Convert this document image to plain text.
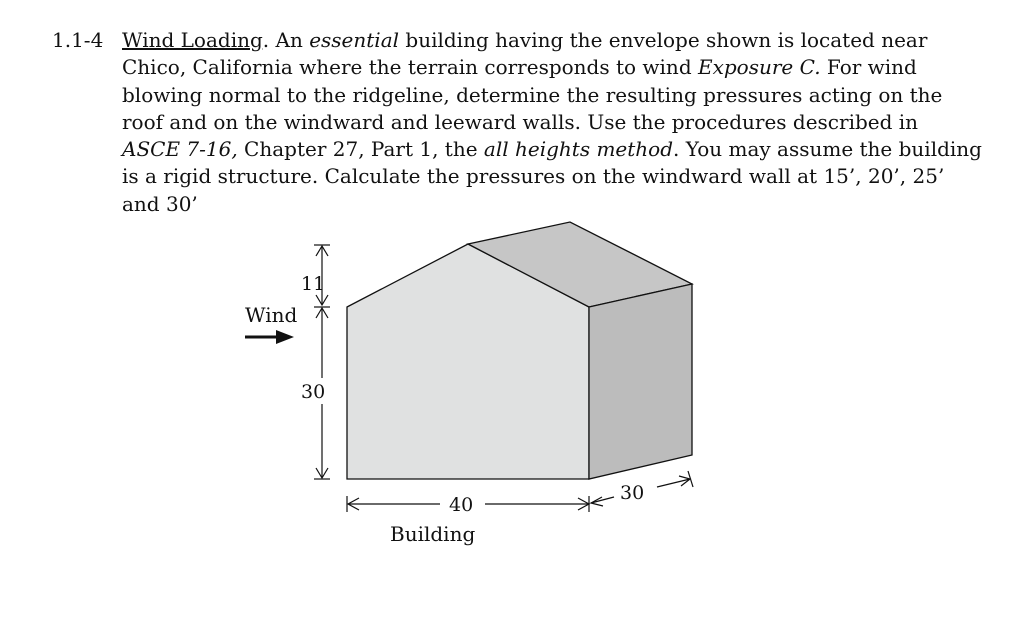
1.1-4 Wind Loading. An essential building having the envelope shown is located near
Chico, California where the terrain corresponds to wind Exposure C. For wind
blowing normal to the ridgeline, determine the resulting pressures acting on the
roof and on the windward and leeward walls. Use the procedures described in
ASCE 7-16, Chapter 27, Part 1, the all heights method. You may assume the building
is a rigid structure. Calculate the pressures on the windward wall at 15’, 20’, 25’
and 30’
Wind
11
30
40
30
Building
